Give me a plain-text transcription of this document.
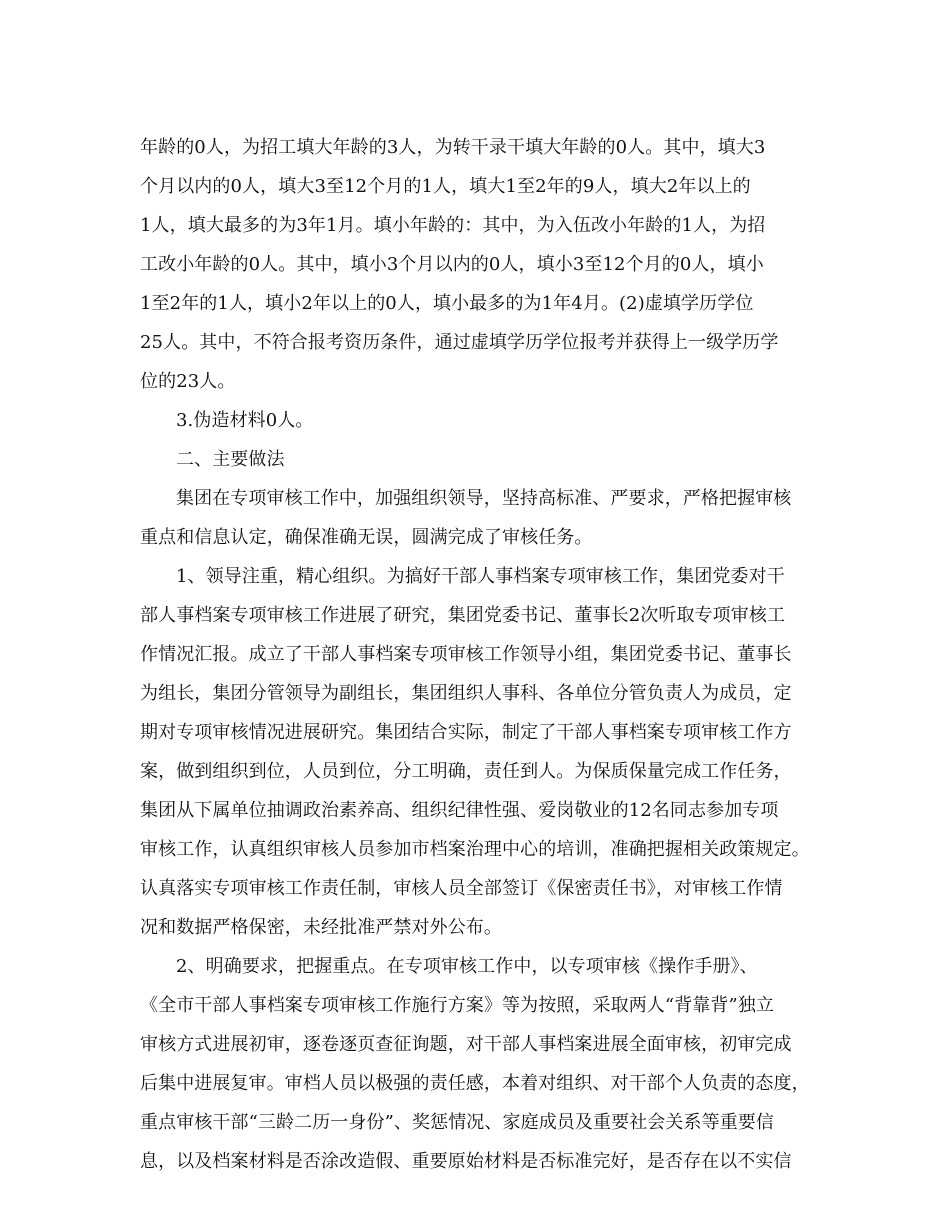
年龄的0人，为招工填大年龄的3人，为转干录干填大年龄的0人。其中，填大3
个月以内的0人，填大3至12个月的1人，填大1至2年的9人，填大2年以上的
1人，填大最多的为3年1月。填小年龄的：其中，为入伍改小年龄的1人，为招
工改小年龄的0人。其中，填小3个月以内的0人，填小3至12个月的0人，填小
1至2年的1人，填小2年以上的0人，填小最多的为1年4月。(2)虚填学历学位
25人。其中，不符合报考资历条件，通过虚填学历学位报考并获得上一级学历学
位的23人。
3.伪造材料0人。
二、主要做法
集团在专项审核工作中，加强组织领导，坚持高标准、严要求，严格把握审核
重点和信息认定，确保准确无误，圆满完成了审核任务。
1、领导注重，精心组织。为搞好干部人事档案专项审核工作，集团党委对干
部人事档案专项审核工作进展了研究，集团党委书记、董事长2次听取专项审核工
作情况汇报。成立了干部人事档案专项审核工作领导小组，集团党委书记、董事长
为组长，集团分管领导为副组长，集团组织人事科、各单位分管负责人为成员，定
期对专项审核情况进展研究。集团结合实际，制定了干部人事档案专项审核工作方
案，做到组织到位，人员到位，分工明确，责任到人。为保质保量完成工作任务，
集团从下属单位抽调政治素养高、组织纪律性强、爱岗敬业的12名同志参加专项
审核工作，认真组织审核人员参加市档案治理中心的培训，准确把握相关政策规定。
认真落实专项审核工作责任制，审核人员全部签订《保密责任书》，对审核工作情
况和数据严格保密，未经批准严禁对外公布。
2、明确要求，把握重点。在专项审核工作中，以专项审核《操作手册》、
《全市干部人事档案专项审核工作施行方案》等为按照，采取两人“背靠背”独立
审核方式进展初审，逐卷逐页查征询题，对干部人事档案进展全面审核，初审完成
后集中进展复审。审档人员以极强的责任感，本着对组织、对干部个人负责的态度，
重点审核干部“三龄二历一身份”、奖惩情况、家庭成员及重要社会关系等重要信
息，以及档案材料是否涂改造假、重要原始材料是否标准完好，是否存在以不实信
